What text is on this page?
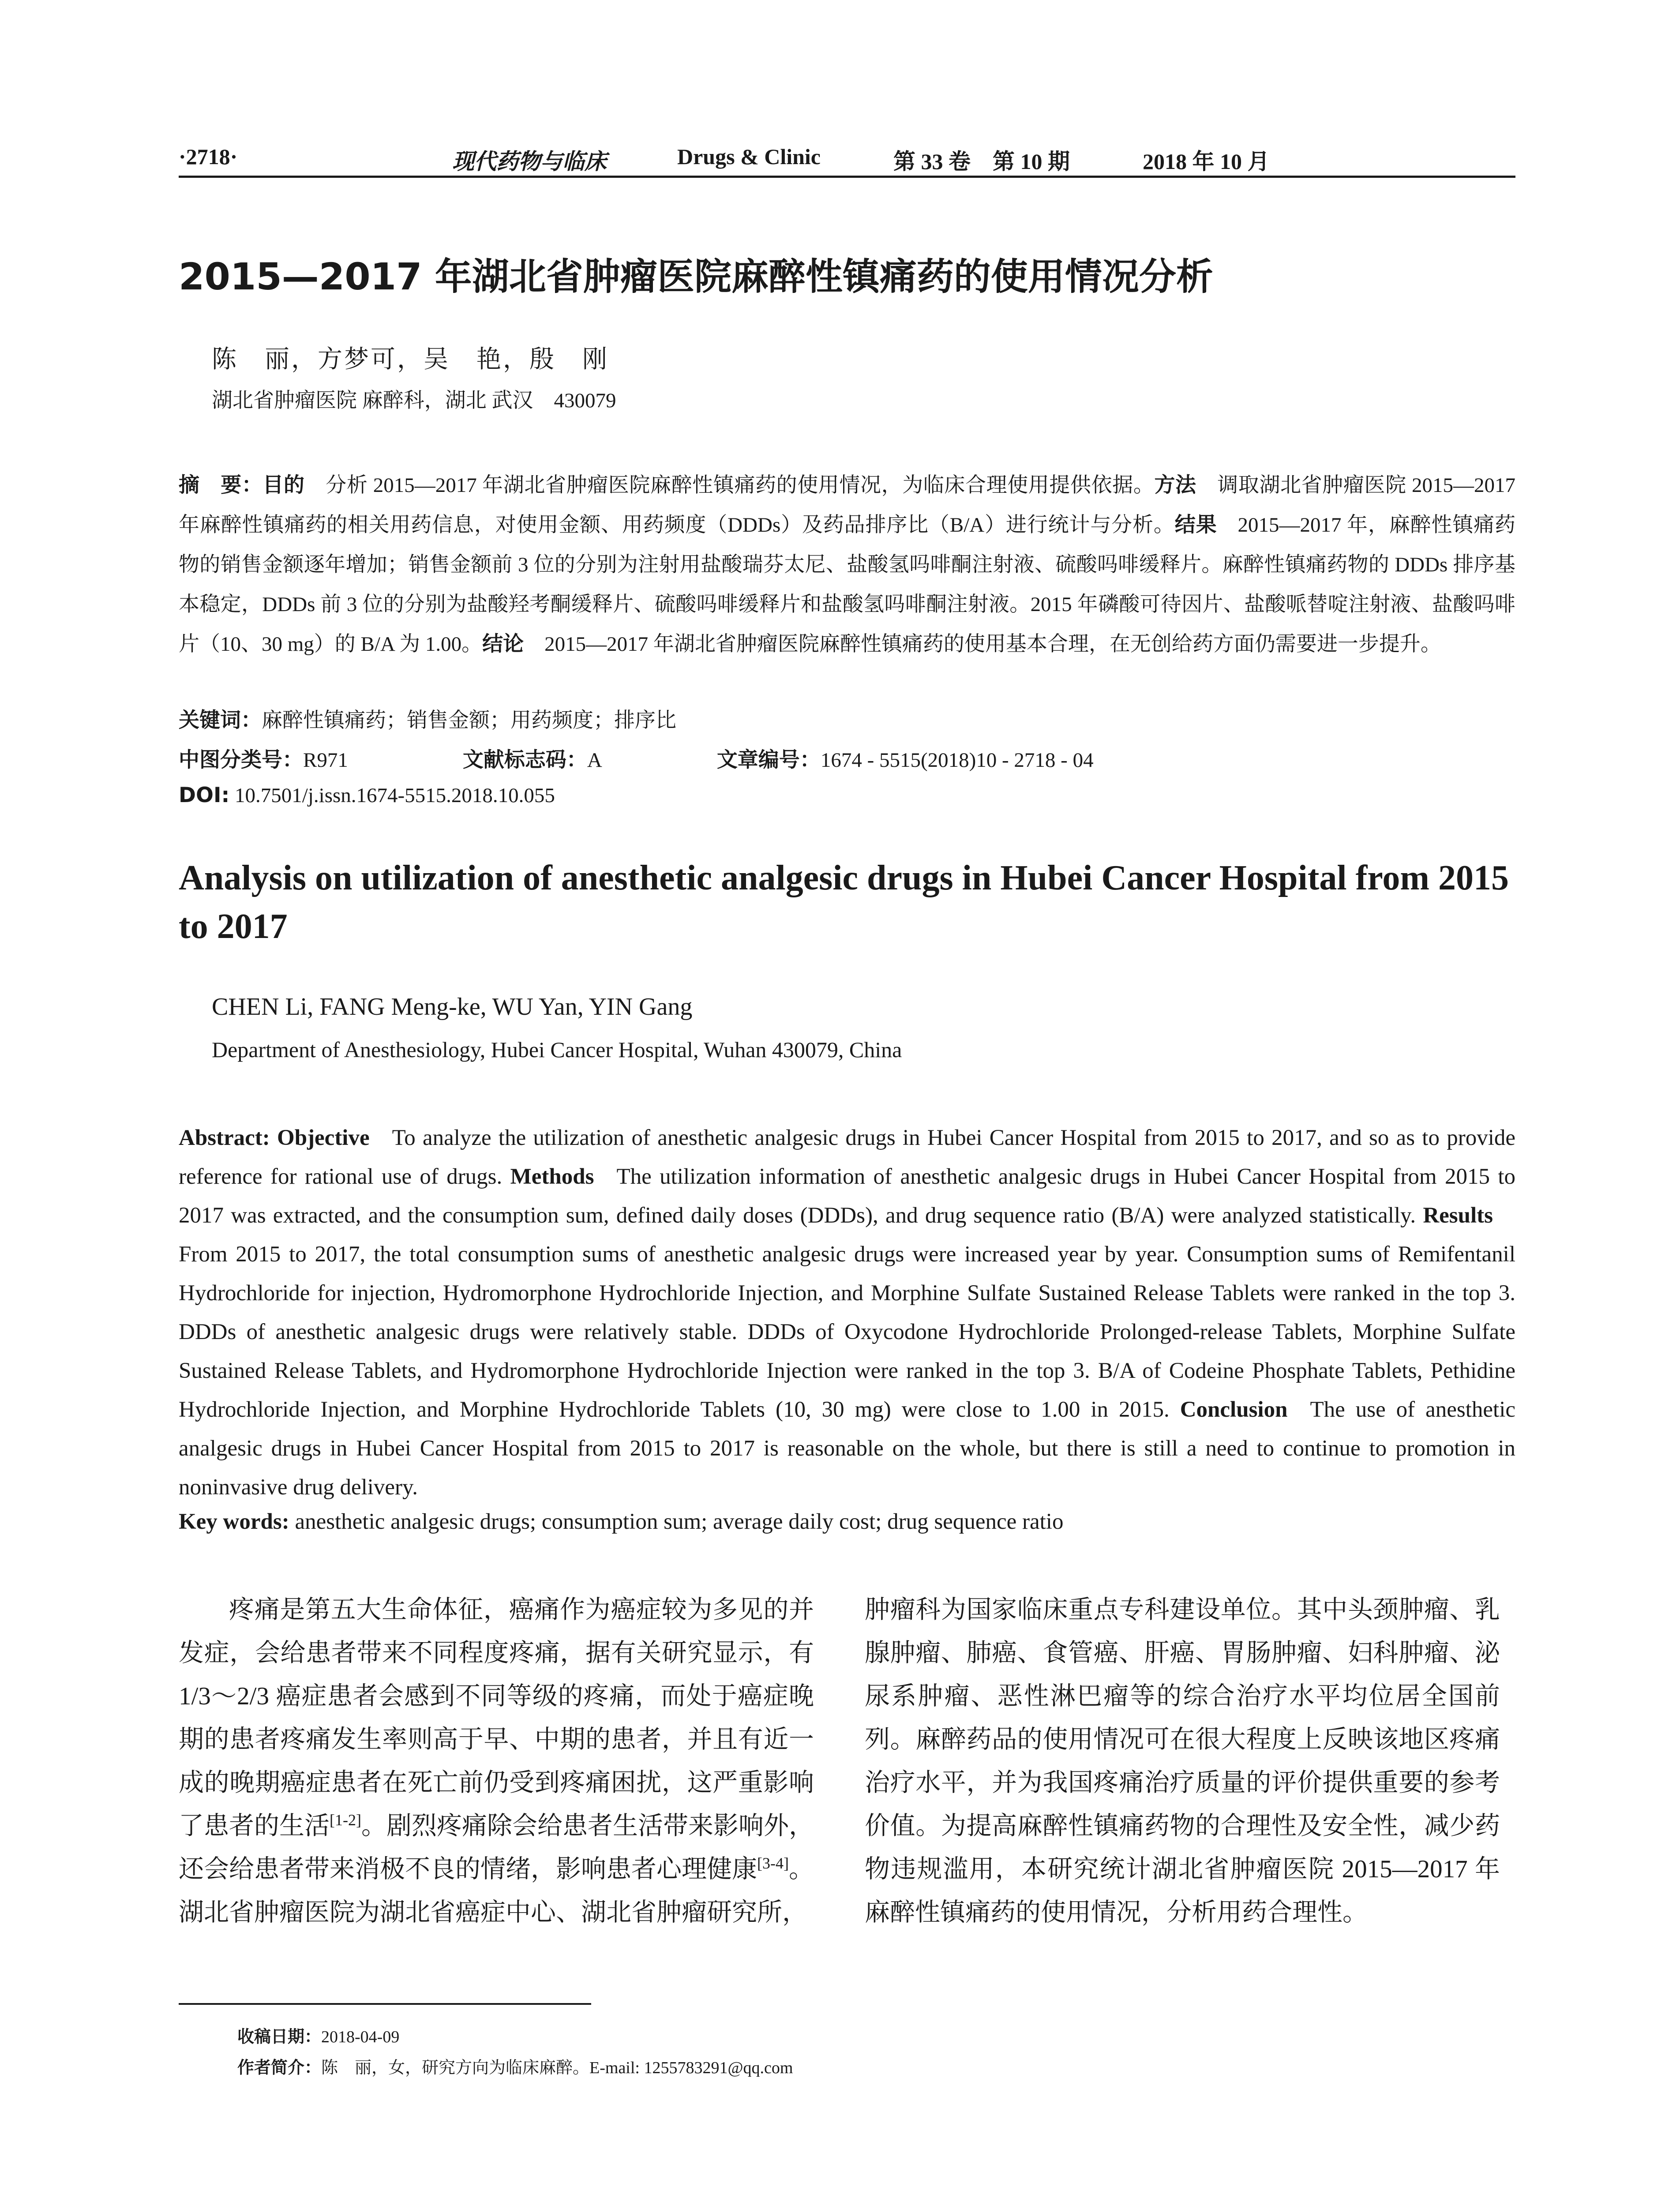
·2718·	现代药物与临床	Drugs & Clinic	第 33 卷　第 10 期	2018 年 10 月
2015—2017 年湖北省肿瘤医院麻醉性镇痛药的使用情况分析
陈　丽，方梦可，吴　艳，殷　刚
湖北省肿瘤医院 麻醉科，湖北 武汉　430079
摘　要：目的  分析 2015—2017 年湖北省肿瘤医院麻醉性镇痛药的使用情况，为临床合理使用提供依据。方法  调取湖北省肿瘤医院 2015—2017 年麻醉性镇痛药的相关用药信息，对使用金额、用药频度（DDDs）及药品排序比（B/A）进行统计与分析。结果  2015—2017 年，麻醉性镇痛药物的销售金额逐年增加；销售金额前 3 位的分别为注射用盐酸瑞芬太尼、盐酸氢吗啡酮注射液、硫酸吗啡缓释片。麻醉性镇痛药物的 DDDs 排序基本稳定，DDDs 前 3 位的分别为盐酸羟考酮缓释片、硫酸吗啡缓释片和盐酸氢吗啡酮注射液。2015 年磷酸可待因片、盐酸哌替啶注射液、盐酸吗啡片（10、30 mg）的 B/A 为 1.00。结论  2015—2017 年湖北省肿瘤医院麻醉性镇痛药的使用基本合理，在无创给药方面仍需要进一步提升。
关键词：麻醉性镇痛药；销售金额；用药频度；排序比
中图分类号：R971	文献标志码：A	文章编号：1674 - 5515(2018)10 - 2718 - 04
DOI: 10.7501/j.issn.1674-5515.2018.10.055
Analysis on utilization of anesthetic analgesic drugs in Hubei Cancer Hospital from 2015 to 2017
CHEN Li, FANG Meng-ke, WU Yan, YIN Gang
Department of Anesthesiology, Hubei Cancer Hospital, Wuhan 430079, China
Abstract: Objective  To analyze the utilization of anesthetic analgesic drugs in Hubei Cancer Hospital from 2015 to 2017, and so as to provide reference for rational use of drugs. Methods  The utilization information of anesthetic analgesic drugs in Hubei Cancer Hospital from 2015 to 2017 was extracted, and the consumption sum, defined daily doses (DDDs), and drug sequence ratio (B/A) were analyzed statistically. Results From 2015 to 2017, the total consumption sums of anesthetic analgesic drugs were increased year by year. Consumption sums of Remifentanil Hydrochloride for injection, Hydromorphone Hydrochloride Injection, and Morphine Sulfate Sustained Release Tablets were ranked in the top 3. DDDs of anesthetic analgesic drugs were relatively stable. DDDs of Oxycodone Hydrochloride Prolonged-release Tablets, Morphine Sulfate Sustained Release Tablets, and Hydromorphone Hydrochloride Injection were ranked in the top 3. B/A of Codeine Phosphate Tablets, Pethidine Hydrochloride Injection, and Morphine Hydrochloride Tablets (10, 30 mg) were close to 1.00 in 2015. Conclusion  The use of anesthetic analgesic drugs in Hubei Cancer Hospital from 2015 to 2017 is reasonable on the whole, but there is still a need to continue to promotion in noninvasive drug delivery.
Key words: anesthetic analgesic drugs; consumption sum; average daily cost; drug sequence ratio
疼痛是第五大生命体征，癌痛作为癌症较为多见的并发症，会给患者带来不同程度疼痛，据有关研究显示，有 1/3～2/3 癌症患者会感到不同等级的疼痛，而处于癌症晚期的患者疼痛发生率则高于早、中期的患者，并且有近一成的晚期癌症患者在死亡前仍受到疼痛困扰，这严重影响了患者的生活[1-2]。剧烈疼痛除会给患者生活带来影响外，还会给患者带来消极不良的情绪，影响患者心理健康[3-4]。湖北省肿瘤医院为湖北省癌症中心、湖北省肿瘤研究所，
肿瘤科为国家临床重点专科建设单位。其中头颈肿瘤、乳腺肿瘤、肺癌、食管癌、肝癌、胃肠肿瘤、妇科肿瘤、泌尿系肿瘤、恶性淋巴瘤等的综合治疗水平均位居全国前列。麻醉药品的使用情况可在很大程度上反映该地区疼痛治疗水平，并为我国疼痛治疗质量的评价提供重要的参考价值。为提高麻醉性镇痛药物的合理性及安全性，减少药物违规滥用，本研究统计湖北省肿瘤医院 2015—2017 年麻醉性镇痛药的使用情况，分析用药合理性。
收稿日期：2018-04-09
作者简介：陈　丽，女，研究方向为临床麻醉。E-mail: 1255783291@qq.com
